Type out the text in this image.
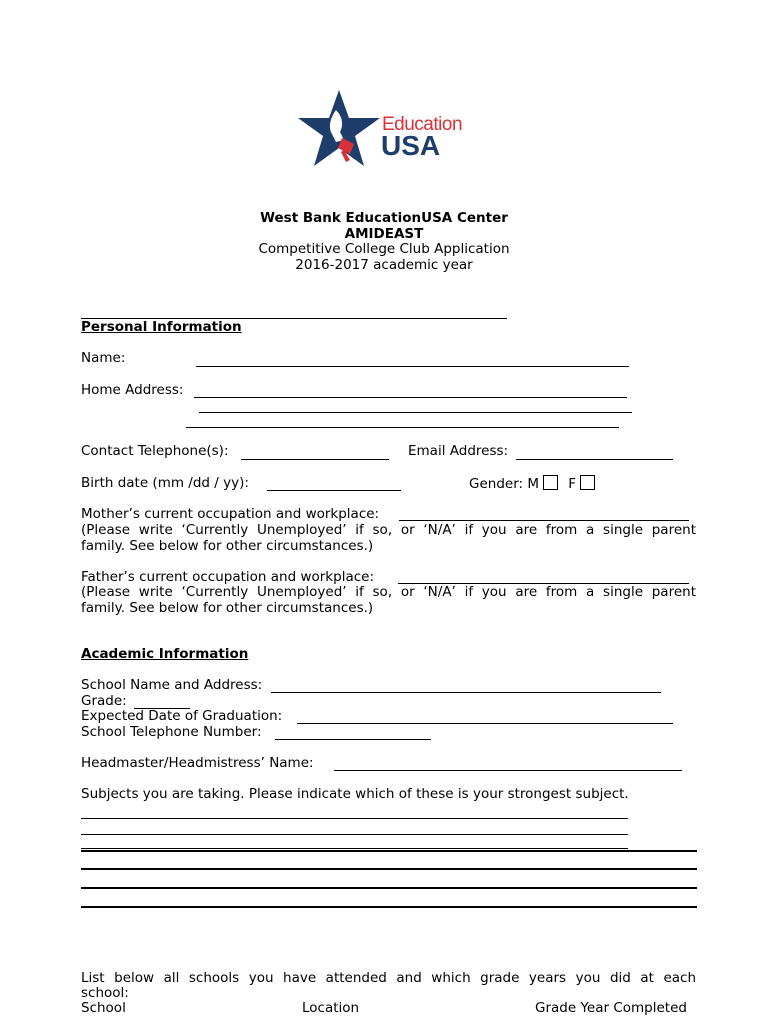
Education
USA
West Bank EducationUSA Center
AMIDEAST
Competitive College Club Application
2016-2017 academic year
Personal Information
Name:
Home Address:
Contact Telephone(s):	Email Address:
Birth date (mm /dd / yy):	Gender: M F
Mother’s current occupation and workplace:
(Please write ‘Currently Unemployed’ if so, or ‘N/A’ if you are from a single parent
family. See below for other circumstances.)
Father’s current occupation and workplace:
(Please write ‘Currently Unemployed’ if so, or ‘N/A’ if you are from a single parent
family. See below for other circumstances.)
Academic Information
School Name and Address:
Grade:
Expected Date of Graduation:
School Telephone Number:
Headmaster/Headmistress’ Name:
Subjects you are taking. Please indicate which of these is your strongest subject.
List below all schools you have attended and which grade years you did at each
school:
School	Location	Grade Year Completed
